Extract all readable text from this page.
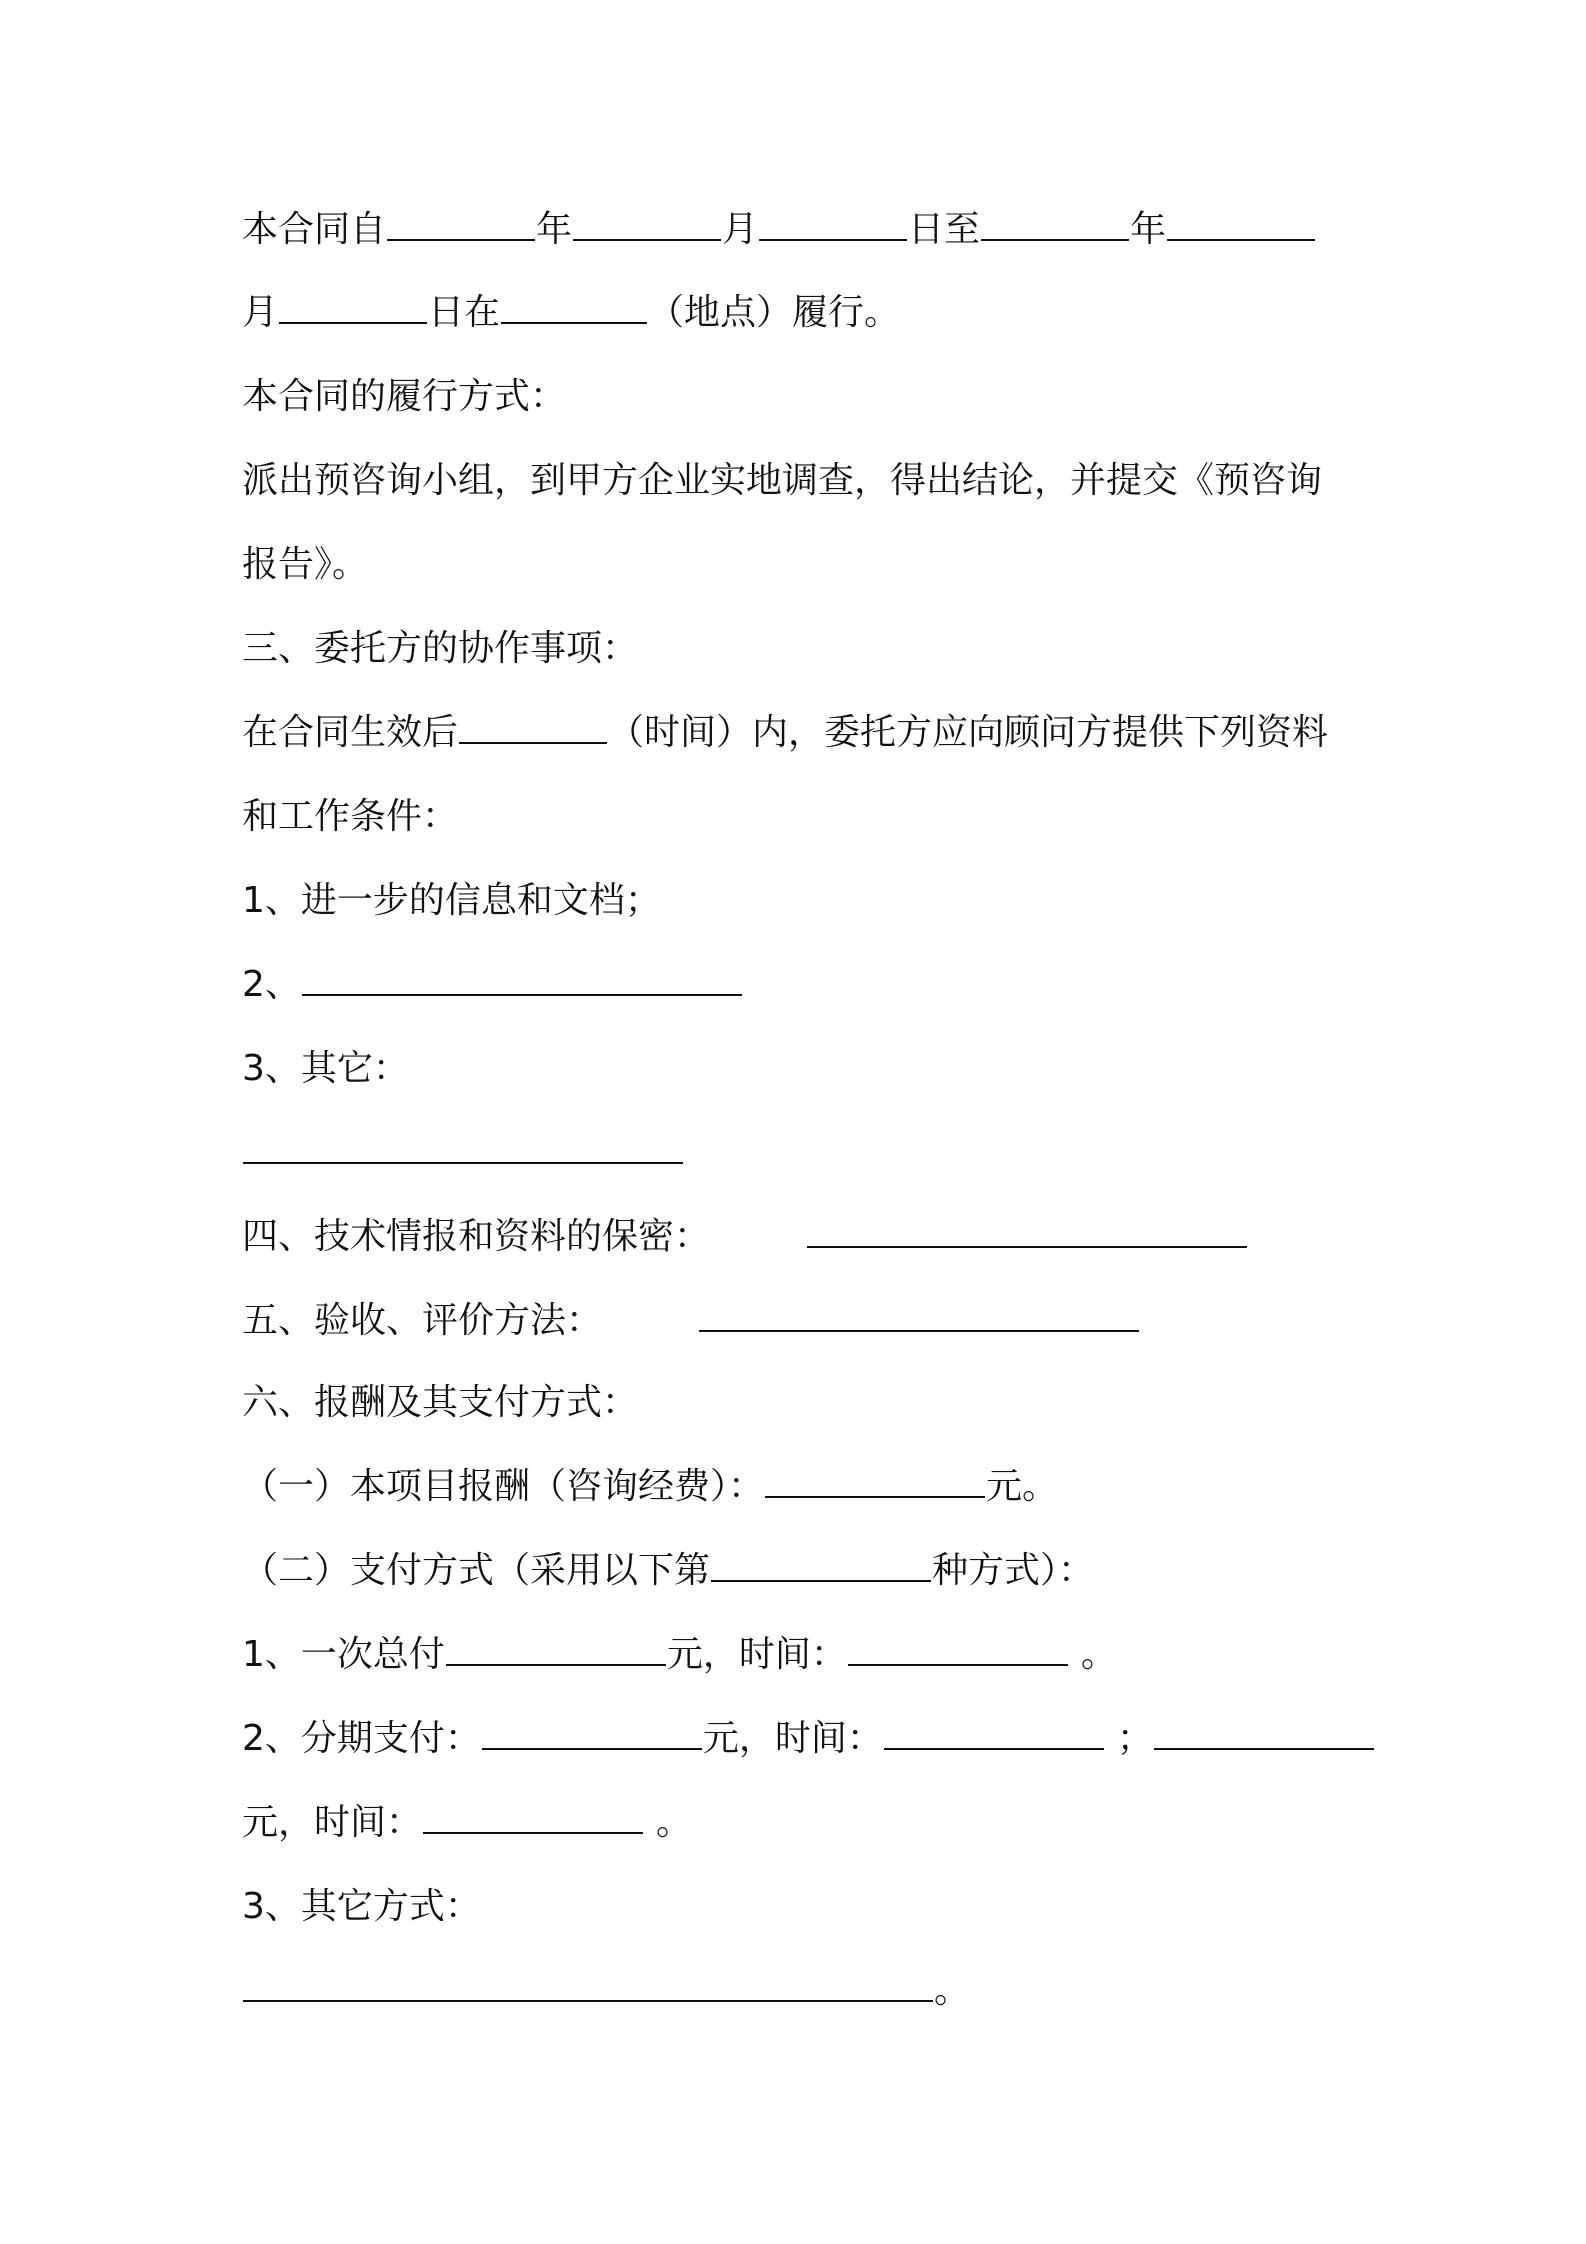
本合同自	年	月	日至	年
月	日在	（地点）履行。
本合同的履行方式：
派出预咨询小组，到甲方企业实地调查，得出结论，并提交《预咨询
报告》。
三、委托方的协作事项：
在合同生效后	（时间）内，委托方应向顾问方提供下列资料
和工作条件：
1、进一步的信息和文档；
2、
3、其它：
四、技术情报和资料的保密：
五、验收、评价方法：
六、报酬及其支付方式：
（一）本项目报酬（咨询经费）：	元。
（二）支付方式（采用以下第	种方式）：
1、一次总付	元，时间：	。
2、分期支付：	元，时间：	；
元，时间：	。
3、其它方式：
。
